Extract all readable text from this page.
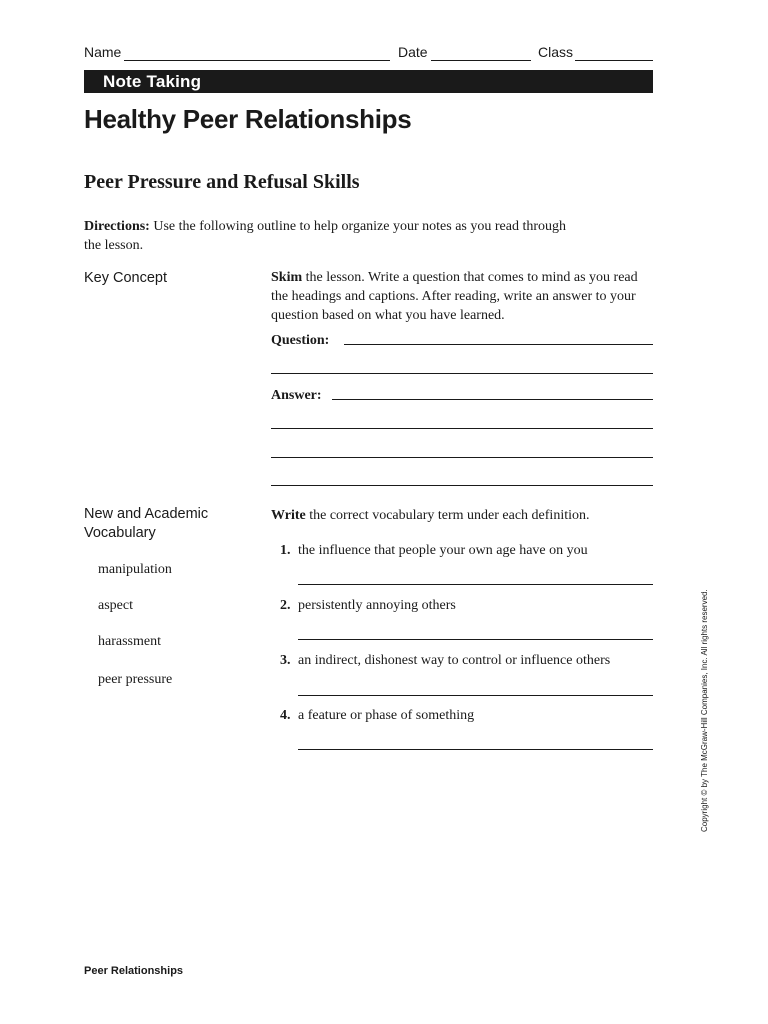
Name	Date	Class
Note Taking
Healthy Peer Relationships
Peer Pressure and Refusal Skills
Directions: Use the following outline to help organize your notes as you read through the lesson.
Key Concept	Skim the lesson. Write a question that comes to mind as you read the headings and captions. After reading, write an answer to your question based on what you have learned.
Question:
Answer:
New and Academic Vocabulary
manipulation
aspect
harassment
peer pressure
Write the correct vocabulary term under each definition.
1. the influence that people your own age have on you
2. persistently annoying others
3. an indirect, dishonest way to control or influence others
4. a feature or phase of something	Copyright © by The McGraw-Hill Companies, Inc. All rights reserved.
Peer Relationships
